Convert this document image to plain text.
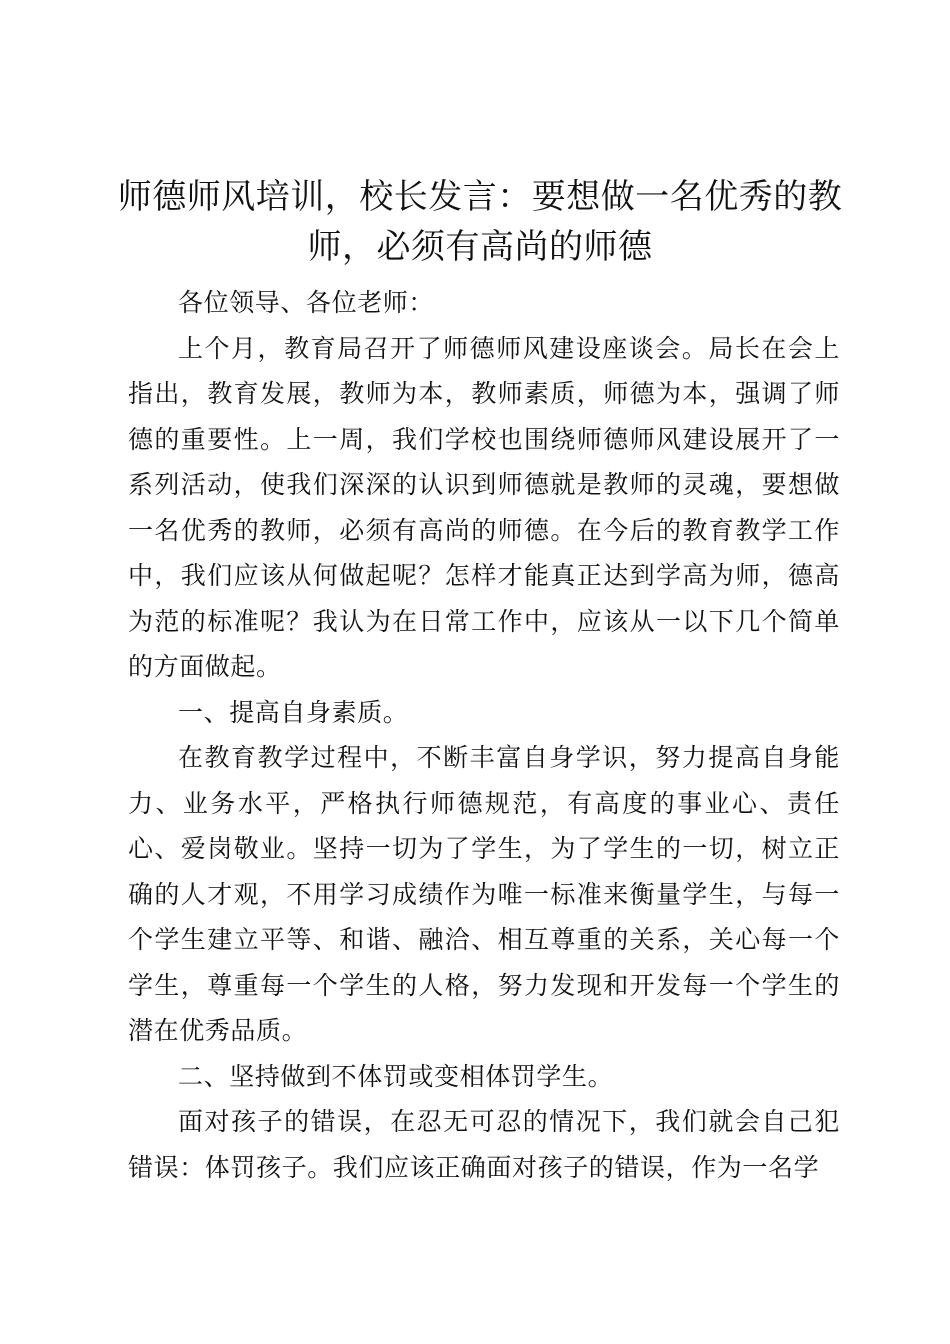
师德师风培训，校长发言：要想做一名优秀的教师，必须有高尚的师德

各位领导、各位老师：

上个月，教育局召开了师德师风建设座谈会。局长在会上指出，教育发展，教师为本，教师素质，师德为本，强调了师德的重要性。上一周，我们学校也围绕师德师风建设展开了一系列活动，使我们深深的认识到师德就是教师的灵魂，要想做一名优秀的教师，必须有高尚的师德。在今后的教育教学工作中，我们应该从何做起呢？怎样才能真正达到学高为师，德高为范的标准呢？我认为在日常工作中，应该从一以下几个简单的方面做起。

一、提高自身素质。

在教育教学过程中，不断丰富自身学识，努力提高自身能力、业务水平，严格执行师德规范，有高度的事业心、责任心、爱岗敬业。坚持一切为了学生，为了学生的一切，树立正确的人才观，不用学习成绩作为唯一标准来衡量学生，与每一个学生建立平等、和谐、融洽、相互尊重的关系，关心每一个学生，尊重每一个学生的人格，努力发现和开发每一个学生的潜在优秀品质。

二、坚持做到不体罚或变相体罚学生。

面对孩子的错误，在忍无可忍的情况下，我们就会自己犯错误：体罚孩子。我们应该正确面对孩子的错误，作为一名学
